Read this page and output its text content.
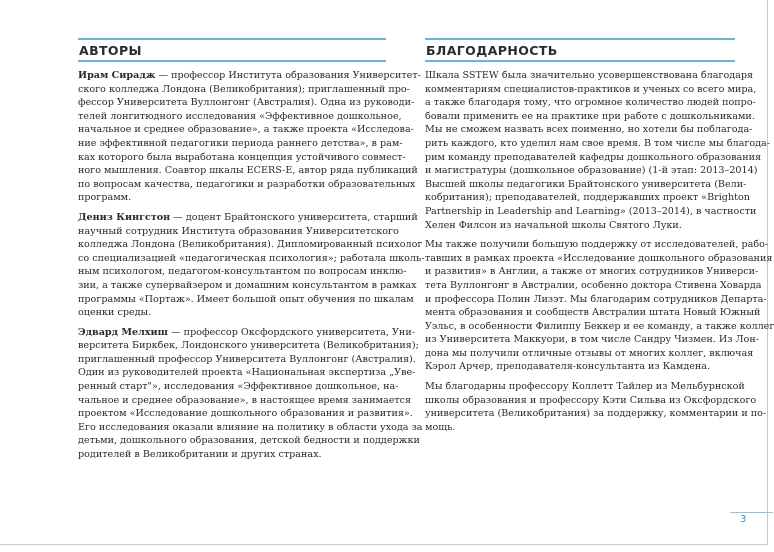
АВТОРЫ
Ирам Сирадж — профессор Института образования Университет-
ского колледжа Лондона (Великобритания); приглашенный про-
фессор Университета Вуллонгонг (Австралия). Одна из руководи-
телей лонгитюдного исследования «Эффективное дошкольное,
начальное и среднее образование», а также проекта «Исследова-
ние эффективной педагогики периода раннего детства», в рам-
ках которого была выработана концепция устойчивого совмест-
ного мышления. Соавтор шкалы ECERS-E, автор ряда публикаций
по вопросам качества, педагогики и разработки образовательных
программ.
Дениз Кингстон — доцент Брайтонского университета, старший
научный сотрудник Института образования Университетского
колледжа Лондона (Великобритания). Дипломированный психолог
со специализацией «педагогическая психология»; работала школь-
ным психологом, педагогом-консультантом по вопросам инклю-
зии, а также супервайзером и домашним консультантом в рамках
программы «Портаж». Имеет большой опыт обучения по шкалам
оценки среды.
Эдвард Мелхиш — профессор Оксфордского университета, Уни-
верситета Биркбек, Лондонского университета (Великобритания);
приглашенный профессор Университета Вуллонгонг (Австралия).
Один из руководителей проекта «Национальная экспертиза „Уве-
ренный старт"», исследования «Эффективное дошкольное, на-
чальное и среднее образование», в настоящее время занимается
проектом «Исследование дошкольного образования и развития».
Его исследования оказали влияние на политику в области ухода за
детьми, дошкольного образования, детской бедности и поддержки
родителей в Великобритании и других странах.
БЛАГОДАРНОСТЬ
Шкала SSTEW была значительно усовершенствована благодаря
комментариям специалистов-практиков и ученых со всего мира,
а также благодаря тому, что огромное количество людей попро-
бовали применить ее на практике при работе с дошкольниками.
Мы не сможем назвать всех поименно, но хотели бы поблагода-
рить каждого, кто уделил нам свое время. В том числе мы благода-
рим команду преподавателей кафедры дошкольного образования
и магистратуры (дошкольное образование) (1-й этап: 2013–2014)
Высшей школы педагогики Брайтонского университета (Вели-
кобритания); преподавателей, поддержавших проект «Brighton
Partnership in Leadership and Learning» (2013–2014), в частности
Хелен Филсон из начальной школы Святого Луки.
Мы также получили большую поддержку от исследователей, рабо-
тавших в рамках проекта «Исследование дошкольного образования
и развития» в Англии, а также от многих сотрудников Универси-
тета Вуллонгонг в Австралии, особенно доктора Стивена Ховарда
и профессора Полин Лизэт. Мы благодарим сотрудников Департа-
мента образования и сообществ Австралии штата Новый Южный
Уэльс, в особенности Филиппу Беккер и ее команду, а также коллег
из Университета Маккуори, в том числе Сандру Чизмен. Из Лон-
дона мы получили отличные отзывы от многих коллег, включая
Кэрол Арчер, преподавателя-консультанта из Камдена.
Мы благодарны профессору Коллетт Тайлер из Мельбурнской
школы образования и профессору Кэти Сильва из Оксфордского
университета (Великобритания) за поддержку, комментарии и по-
мощь.
3
